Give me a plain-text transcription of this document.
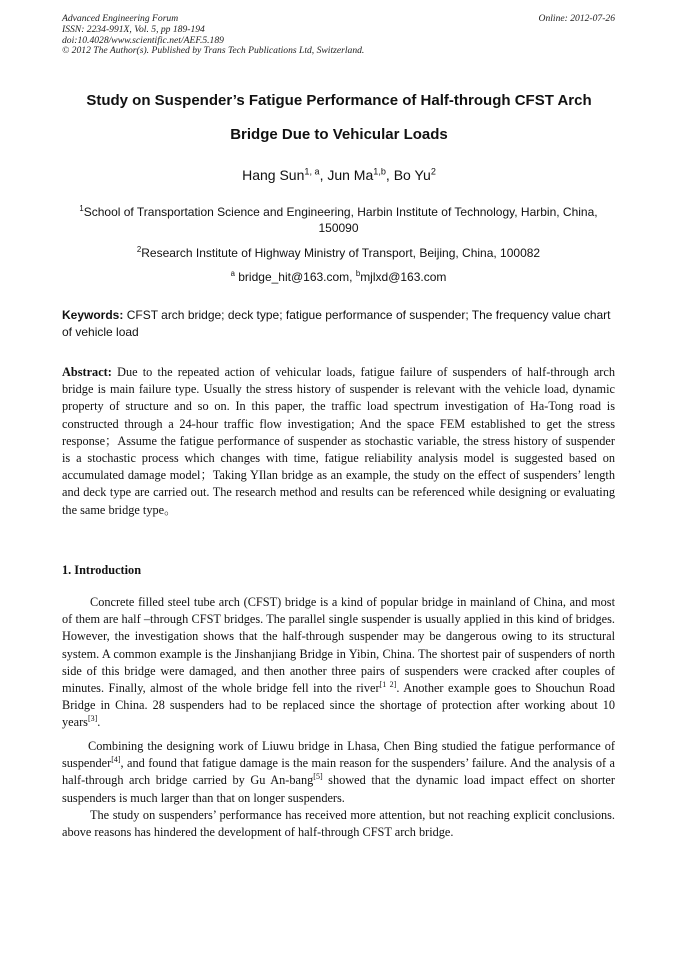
Advanced Engineering Forum
ISSN: 2234-991X, Vol. 5, pp 189-194
doi:10.4028/www.scientific.net/AEF.5.189
© 2012 The Author(s). Published by Trans Tech Publications Ltd, Switzerland.
Online: 2012-07-26
Study on Suspender’s Fatigue Performance of Half-through CFST Arch
Bridge Due to Vehicular Loads
Hang Sun$^{1, a}$, Jun Ma$^{1,b}$, Bo Yu$^2$
$^1$School of Transportation Science and Engineering, Harbin Institute of Technology, Harbin, China, 150090
$^2$Research Institute of Highway Ministry of Transport, Beijing, China, 100082
$^a$ bridge_hit@163.com, $^b$mjlxd@163.com
Keywords: CFST arch bridge; deck type; fatigue performance of suspender; The frequency value chart of vehicle load
Abstract: Due to the repeated action of vehicular loads, fatigue failure of suspenders of half-through arch bridge is main failure type. Usually the stress history of suspender is relevant with the vehicle load, dynamic property of structure and so on. In this paper, the traffic load spectrum investigation of Ha-Tong road is constructed through a 24-hour traffic flow investigation; And the space FEM established to get the stress response；Assume the fatigue performance of suspender as stochastic variable, the stress history of suspender is a stochastic process which changes with time, fatigue reliability analysis model is suggested based on accumulated damage model；Taking YIlan bridge as an example, the study on the effect of suspenders’ length and deck type are carried out. The research method and results can be referenced while designing or evaluating the same bridge type。
1. Introduction
Concrete filled steel tube arch (CFST) bridge is a kind of popular bridge in mainland of China, and most of them are half –through CFST bridges. The parallel single suspender is usually applied in this kind of bridges. However, the investigation shows that the half-through suspender may be dangerous owing to its structural system. A common example is the Jinshanjiang Bridge in Yibin, China. The shortest pair of suspenders of north side of this bridge were damaged, and then another three pairs of suspenders were cracked after couples of minutes. Finally, almost of the whole bridge fell into the river[1 2]. Another example goes to Shouchun Road Bridge in China. 28 suspenders had to be replaced since the shortage of protection after working about 10 years[3].
Combining the designing work of Liuwu bridge in Lhasa, Chen Bing studied the fatigue performance of suspender[4], and found that fatigue damage is the main reason for the suspenders’ failure. And the analysis of a half-through arch bridge carried by Gu An-bang[5] showed that the dynamic load impact effect on shorter suspenders is much larger than that on longer suspenders.
The study on suspenders’ performance has received more attention, but not reaching explicit conclusions. above reasons has hindered the development of half-through CFST arch bridge.
